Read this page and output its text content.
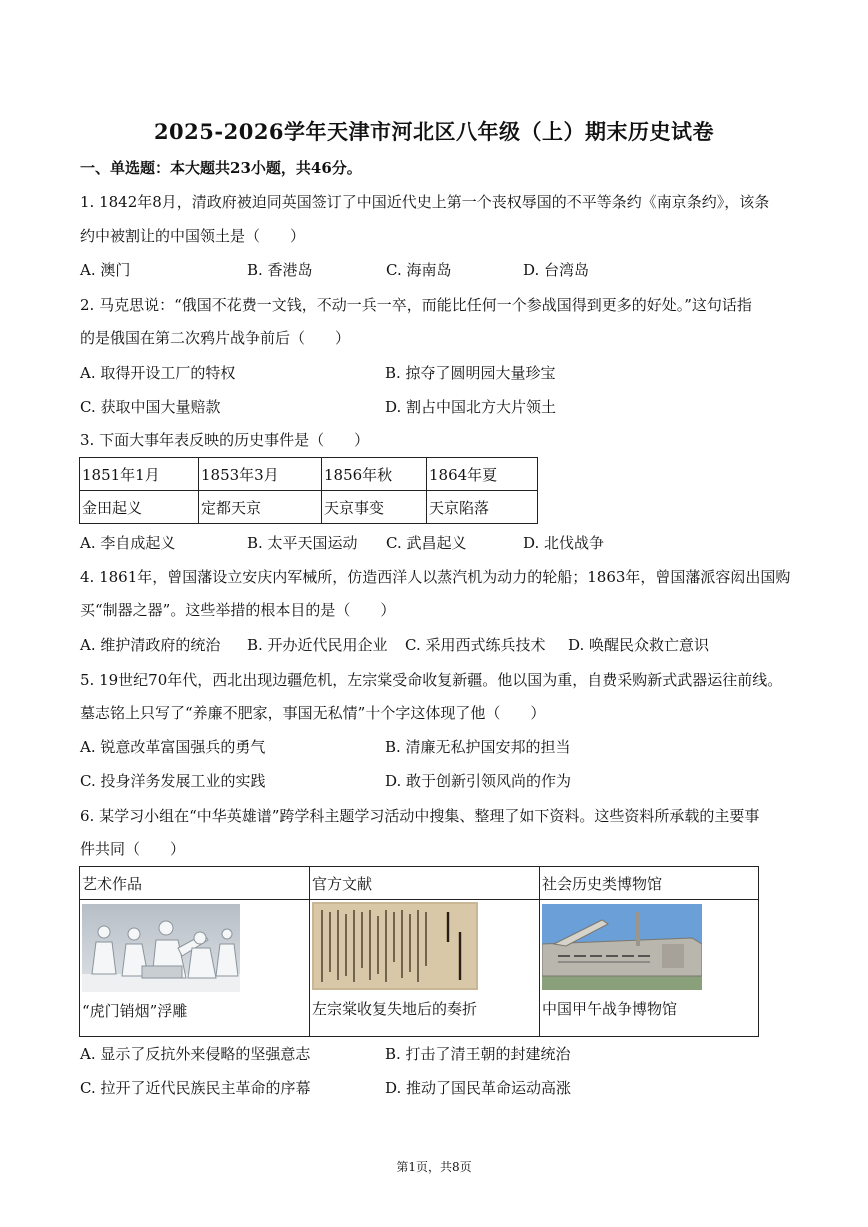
2025-2026学年天津市河北区八年级（上）期末历史试卷
一、单选题：本大题共23小题，共46分。
1. 1842年8月，清政府被迫同英国签订了中国近代史上第一个丧权辱国的不平等条约《南京条约》，该条
约中被割让的中国领土是（　　）
A. 澳门	B. 香港岛	C. 海南岛	D. 台湾岛
2. 马克思说：“俄国不花费一文钱，不动一兵一卒，而能比任何一个参战国得到更多的好处。”这句话指
的是俄国在第二次鸦片战争前后（　　）
A. 取得开设工厂的特权	B. 掠夺了圆明园大量珍宝
C. 获取中国大量赔款	D. 割占中国北方大片领土
3. 下面大事年表反映的历史事件是（　　）
1851年1月	1853年3月	1856年秋	1864年夏
金田起义	定都天京	天京事变	天京陷落
A. 李自成起义	B. 太平天国运动 C. 武昌起义	D. 北伐战争
4. 1861年，曾国藩设立安庆内军械所，仿造西洋人以蒸汽机为动力的轮船；1863年，曾国藩派容闳出国购
买“制器之器”。这些举措的根本目的是（　　）
A. 维护清政府的统治 B. 开办近代民用企业 C. 采用西式练兵技术 D. 唤醒民众救亡意识
5. 19世纪70年代，西北出现边疆危机，左宗棠受命收复新疆。他以国为重，自费采购新式武器运往前线。
墓志铭上只写了“养廉不肥家，事国无私情”十个字这体现了他（　　）
A. 锐意改革富国强兵的勇气	B. 清廉无私护国安邦的担当
C. 投身洋务发展工业的实践	D. 敢于创新引领风尚的作为
6. 某学习小组在“中华英雄谱”跨学科主题学习活动中搜集、整理了如下资料。这些资料所承载的主要事
件共同（　　）
艺术作品	官方文献	社会历史类博物馆

“虎门销烟”浮雕	左宗棠收复失地后的奏折	中国甲午战争博物馆
A. 显示了反抗外来侵略的坚强意志	B. 打击了清王朝的封建统治
C. 拉开了近代民族民主革命的序幕	D. 推动了国民革命运动高涨
第1页，共8页
